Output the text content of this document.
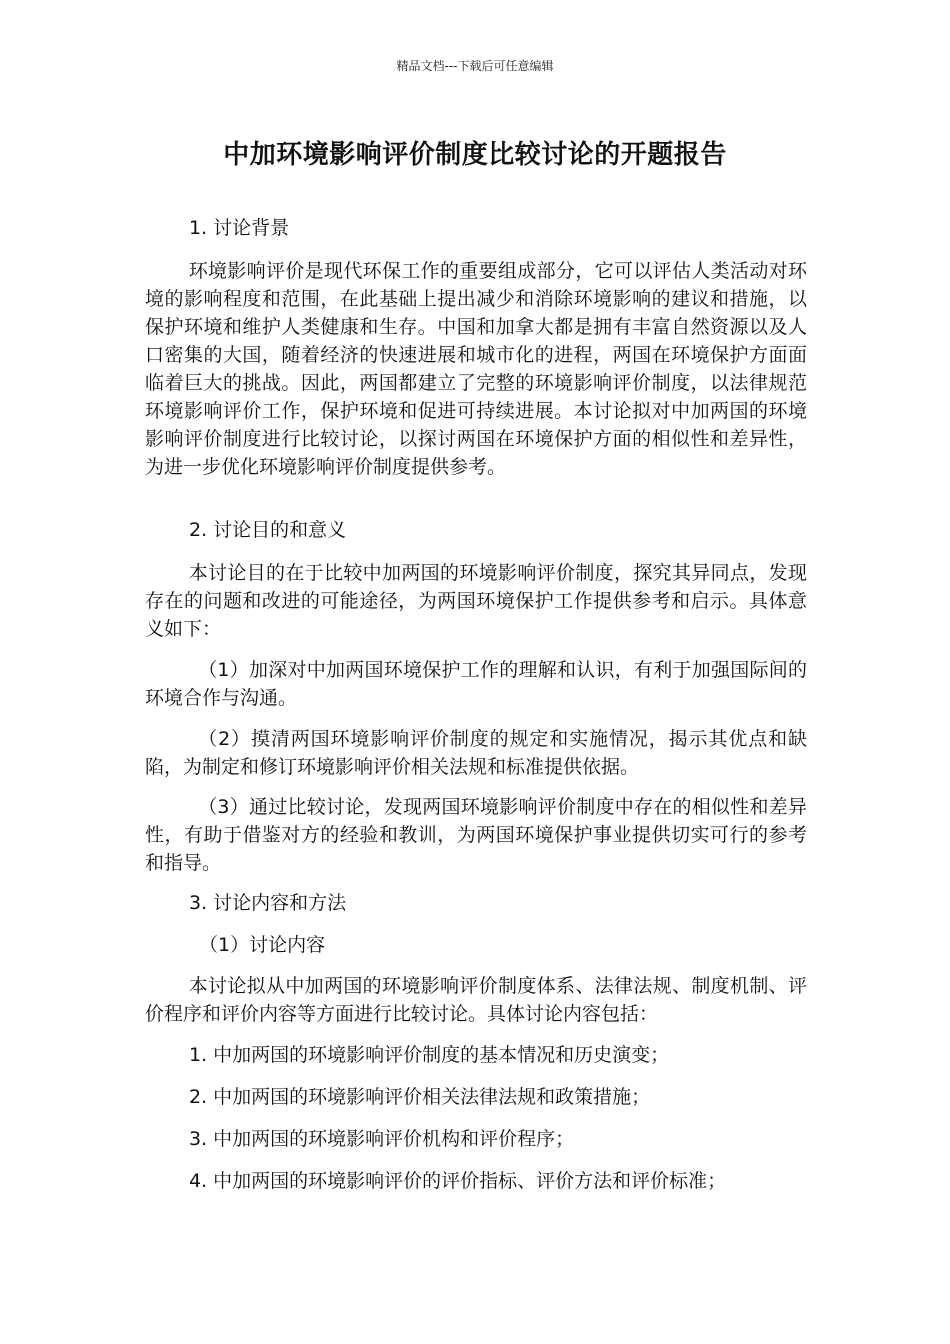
精品文档---下载后可任意编辑
中加环境影响评价制度比较讨论的开题报告

1. 讨论背景

环境影响评价是现代环保工作的重要组成部分，它可以评估人类活动对环境的影响程度和范围，在此基础上提出减少和消除环境影响的建议和措施，以保护环境和维护人类健康和生存。中国和加拿大都是拥有丰富自然资源以及人口密集的大国，随着经济的快速进展和城市化的进程，两国在环境保护方面面临着巨大的挑战。因此，两国都建立了完整的环境影响评价制度，以法律规范环境影响评价工作，保护环境和促进可持续进展。本讨论拟对中加两国的环境影响评价制度进行比较讨论，以探讨两国在环境保护方面的相似性和差异性，为进一步优化环境影响评价制度提供参考。

2. 讨论目的和意义

本讨论目的在于比较中加两国的环境影响评价制度，探究其异同点，发现存在的问题和改进的可能途径，为两国环境保护工作提供参考和启示。具体意义如下：

（1）加深对中加两国环境保护工作的理解和认识，有利于加强国际间的环境合作与沟通。

（2）摸清两国环境影响评价制度的规定和实施情况，揭示其优点和缺陷，为制定和修订环境影响评价相关法规和标准提供依据。

（3）通过比较讨论，发现两国环境影响评价制度中存在的相似性和差异性，有助于借鉴对方的经验和教训，为两国环境保护事业提供切实可行的参考和指导。

3. 讨论内容和方法

（1）讨论内容

本讨论拟从中加两国的环境影响评价制度体系、法律法规、制度机制、评价程序和评价内容等方面进行比较讨论。具体讨论内容包括：

1. 中加两国的环境影响评价制度的基本情况和历史演变；

2. 中加两国的环境影响评价相关法律法规和政策措施；

3. 中加两国的环境影响评价机构和评价程序；

4. 中加两国的环境影响评价的评价指标、评价方法和评价标准；
